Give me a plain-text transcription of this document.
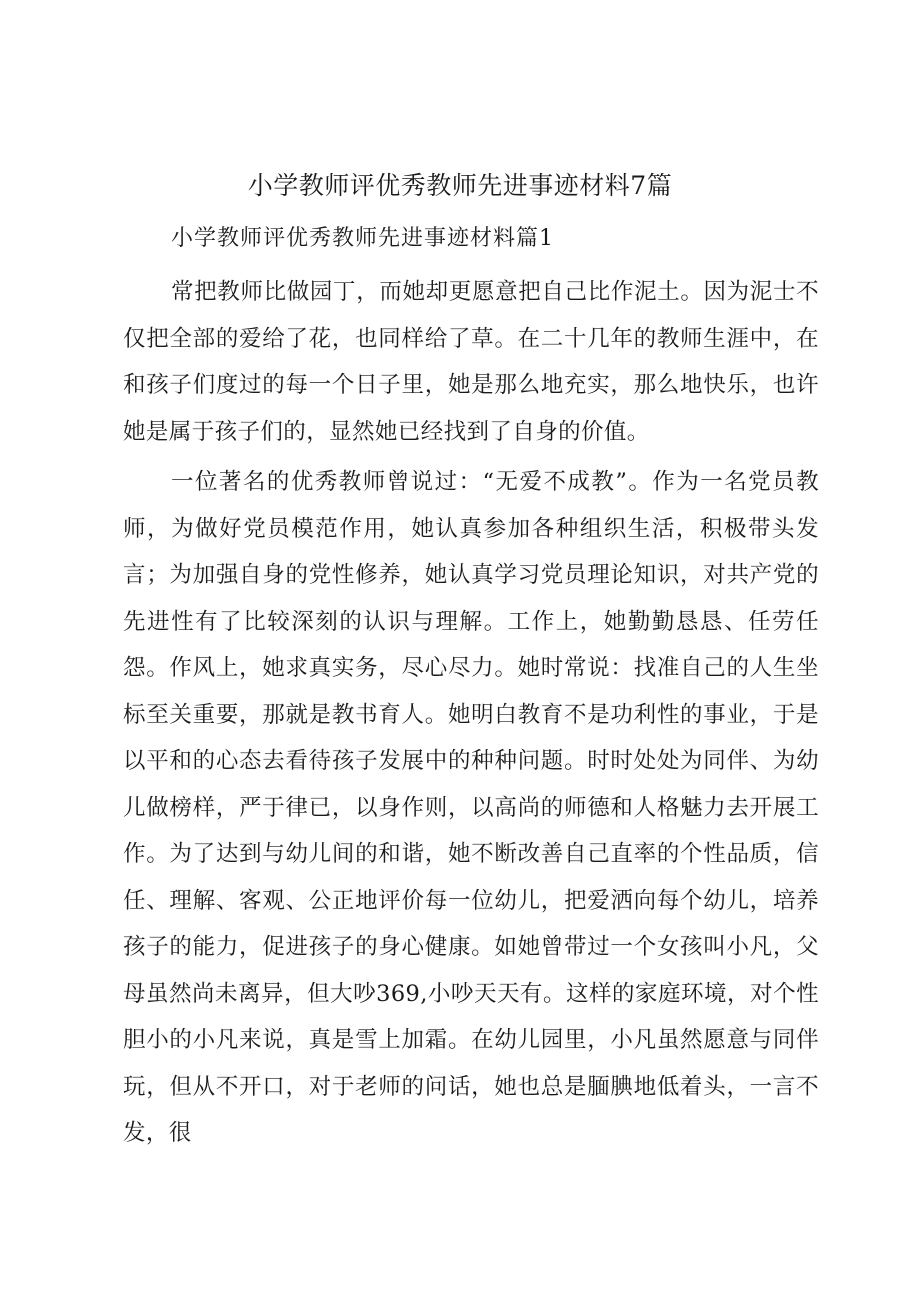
小学教师评优秀教师先进事迹材料7篇
小学教师评优秀教师先进事迹材料篇1

常把教师比做园丁，而她却更愿意把自己比作泥土。因为泥士不仅把全部的爱给了花，也同样给了草。在二十几年的教师生涯中，在和孩子们度过的每一个日子里，她是那么地充实，那么地快乐，也许她是属于孩子们的，显然她已经找到了自身的价值。

一位著名的优秀教师曾说过：“无爱不成教”。作为一名党员教师，为做好党员模范作用，她认真参加各种组织生活，积极带头发言；为加强自身的党性修养，她认真学习党员理论知识，对共产党的先进性有了比较深刻的认识与理解。工作上，她勤勤恳恳、任劳任怨。作风上，她求真实务，尽心尽力。她时常说：找准自己的人生坐标至关重要，那就是教书育人。她明白教育不是功利性的事业，于是以平和的心态去看待孩子发展中的种种问题。时时处处为同伴、为幼儿做榜样，严于律已，以身作则，以高尚的师德和人格魅力去开展工作。为了达到与幼儿间的和谐，她不断改善自己直率的个性品质，信任、理解、客观、公正地评价每一位幼儿，把爱洒向每个幼儿，培养孩子的能力，促进孩子的身心健康。如她曾带过一个女孩叫小凡，父母虽然尚未离异，但大吵369,小吵天天有。这样的家庭环境，对个性胆小的小凡来说，真是雪上加霜。在幼儿园里，小凡虽然愿意与同伴玩，但从不开口，对于老师的问话，她也总是腼腆地低着头，一言不发，很
